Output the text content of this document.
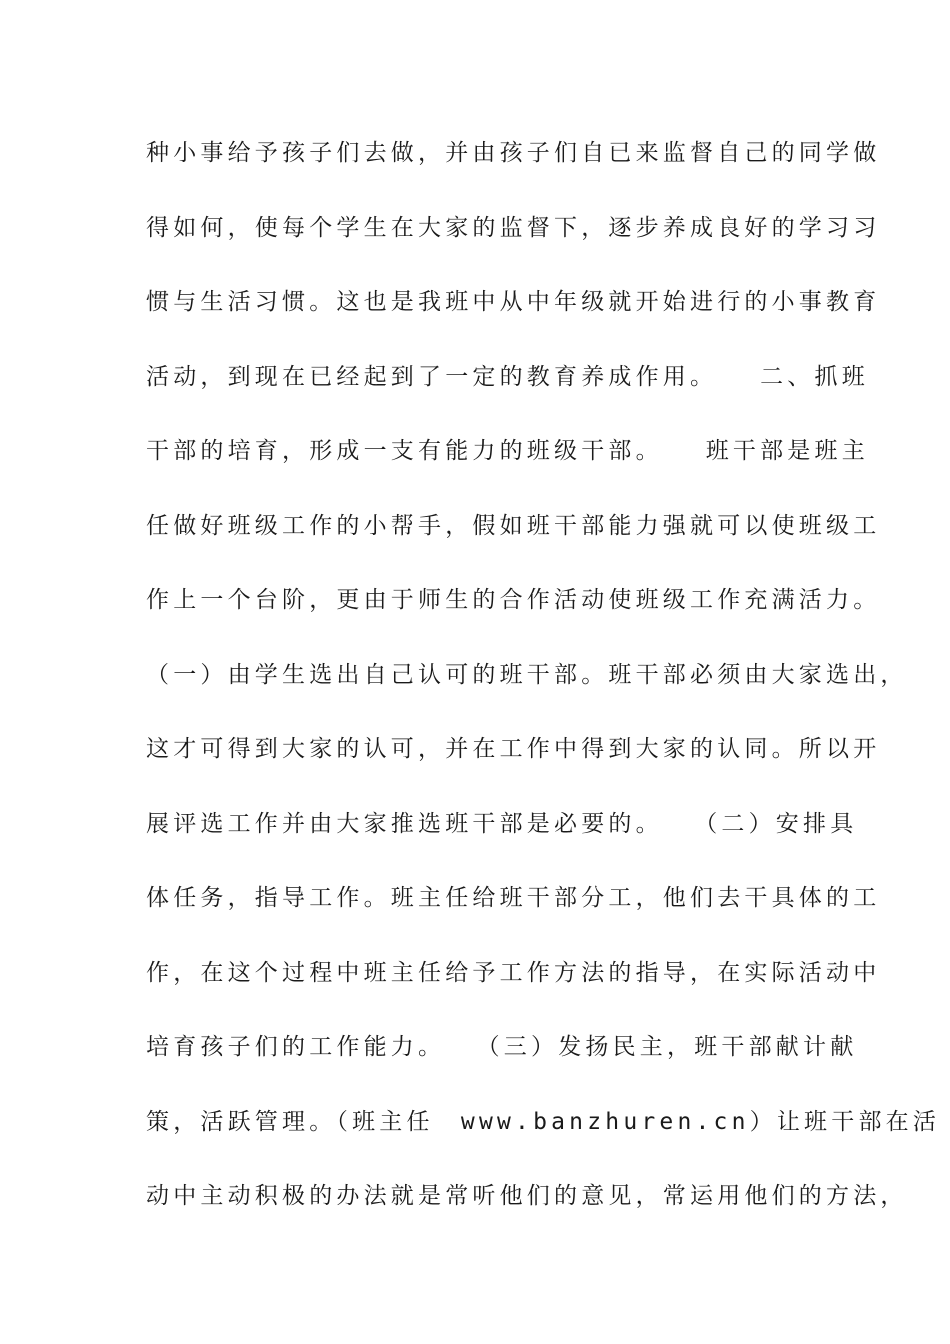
种小事给予孩子们去做，并由孩子们自已来监督自己的同学做
得如何，使每个学生在大家的监督下，逐步养成良好的学习习
惯与生活习惯。这也是我班中从中年级就开始进行的小事教育
活动，到现在已经起到了一定的教育养成作用。　　二、抓班
干部的培育，形成一支有能力的班级干部。　　班干部是班主
任做好班级工作的小帮手，假如班干部能力强就可以使班级工
作上一个台阶，更由于师生的合作活动使班级工作充满活力。
（一）由学生选出自己认可的班干部。班干部必须由大家选出，
这才可得到大家的认可，并在工作中得到大家的认同。所以开
展评选工作并由大家推选班干部是必要的。　　（二）安排具
体任务，指导工作。班主任给班干部分工，他们去干具体的工
作，在这个过程中班主任给予工作方法的指导，在实际活动中
培育孩子们的工作能力。　　（三）发扬民主，班干部献计献
策，活跃管理。（班主任　www.banzhuren.cn）让班干部在活
动中主动积极的办法就是常听他们的意见，常运用他们的方法，
